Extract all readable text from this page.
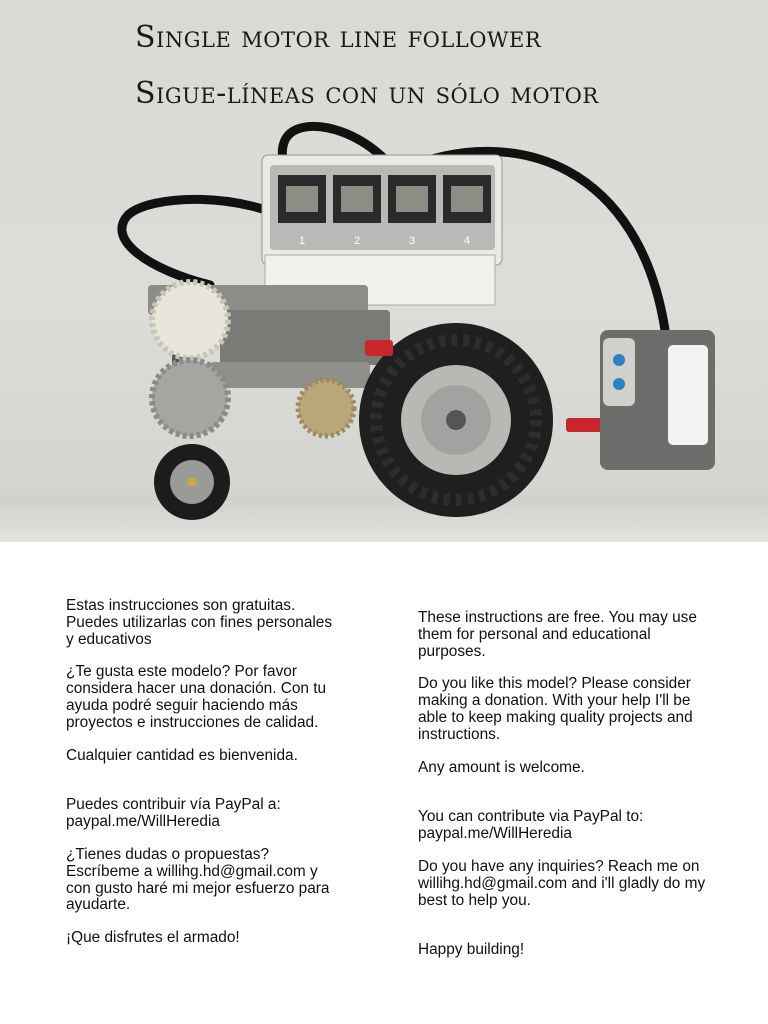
1	2	3	4
Single motor line follower
Sigue-líneas con un sólo motor

Estas instrucciones son gratuitas.
Puedes utilizarlas con fines personales
y educativos

¿Te gusta este modelo? Por favor
considera hacer una donación. Con tu
ayuda podré seguir haciendo más
proyectos e instrucciones de calidad.

Cualquier cantidad es bienvenida.

Puedes contribuir vía PayPal a:
paypal.me/WillHeredia

¿Tienes dudas o propuestas?
Escríbeme a willihg.hd@gmail.com y
con gusto haré mi mejor esfuerzo para
ayudarte.

¡Que disfrutes el armado!

These instructions are free. You may use
them for personal and educational
purposes.

Do you like this model? Please consider
making a donation. With your help I'll be
able to keep making quality projects and
instructions.

Any amount is welcome.

You can contribute via PayPal to:
paypal.me/WillHeredia

Do you have any inquiries? Reach me on
willihg.hd@gmail.com and i'll gladly do my
best to help you.

Happy building!
